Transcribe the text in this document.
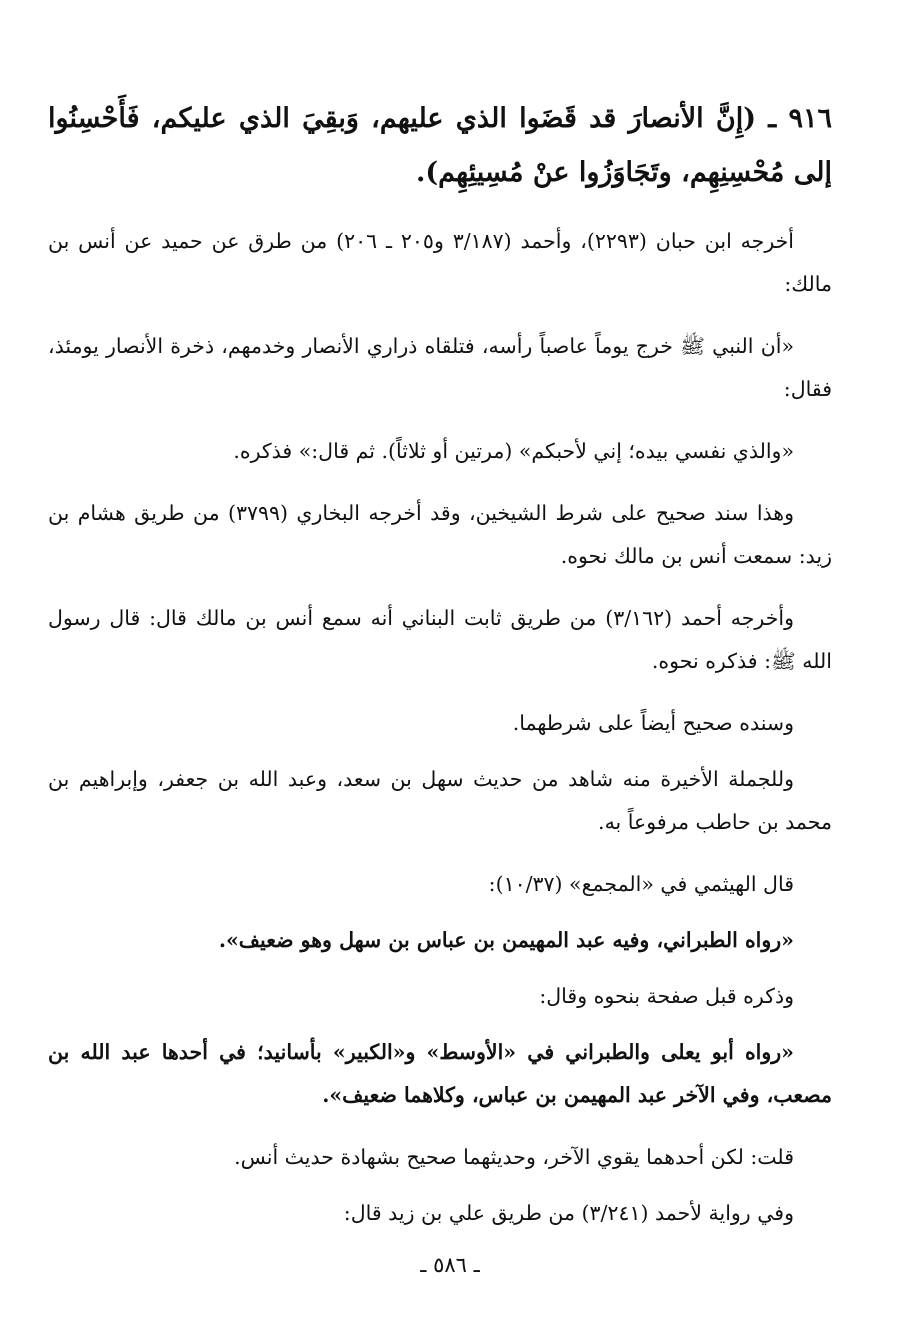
٩١٦ ـ (إِنَّ الأنصارَ قد قَضَوا الذي عليهم، وَبقِيَ الذي عليكم، فَأَحْسِنُوا إلى مُحْسِنِهِم، وتَجَاوَزُوا عنْ مُسِيئِهِم).

أخرجه ابن حبان (٢٢٩٣)، وأحمد (٣/١٨٧ و٢٠٥ ـ ٢٠٦) من طرق عن حميد عن أنس بن مالك:

«أن النبي ﷺ خرج يوماً عاصباً رأسه، فتلقاه ذراري الأنصار وخدمهم، ذخرة الأنصار يومئذ، فقال:

«والذي نفسي بيده؛ إني لأحبكم» (مرتين أو ثلاثاً). ثم قال:» فذكره.

وهذا سند صحيح على شرط الشيخين، وقد أخرجه البخاري (٣٧٩٩) من طريق هشام بن زيد: سمعت أنس بن مالك نحوه.

وأخرجه أحمد (٣/١٦٢) من طريق ثابت البناني أنه سمع أنس بن مالك قال: قال رسول الله ﷺ: فذكره نحوه.

وسنده صحيح أيضاً على شرطهما.

وللجملة الأخيرة منه شاهد من حديث سهل بن سعد، وعبد الله بن جعفر، وإبراهيم بن محمد بن حاطب مرفوعاً به.

قال الهيثمي في «المجمع» (١٠/٣٧):

«رواه الطبراني، وفيه عبد المهيمن بن عباس بن سهل وهو ضعيف».

وذكره قبل صفحة بنحوه وقال:

«رواه أبو يعلى والطبراني في «الأوسط» و«الكبير» بأسانيد؛ في أحدها عبد الله بن مصعب، وفي الآخر عبد المهيمن بن عباس، وكلاهما ضعيف».

قلت: لكن أحدهما يقوي الآخر، وحديثهما صحيح بشهادة حديث أنس.

وفي رواية لأحمد (٣/٢٤١) من طريق علي بن زيد قال:

ـ ٥٨٦ ـ
